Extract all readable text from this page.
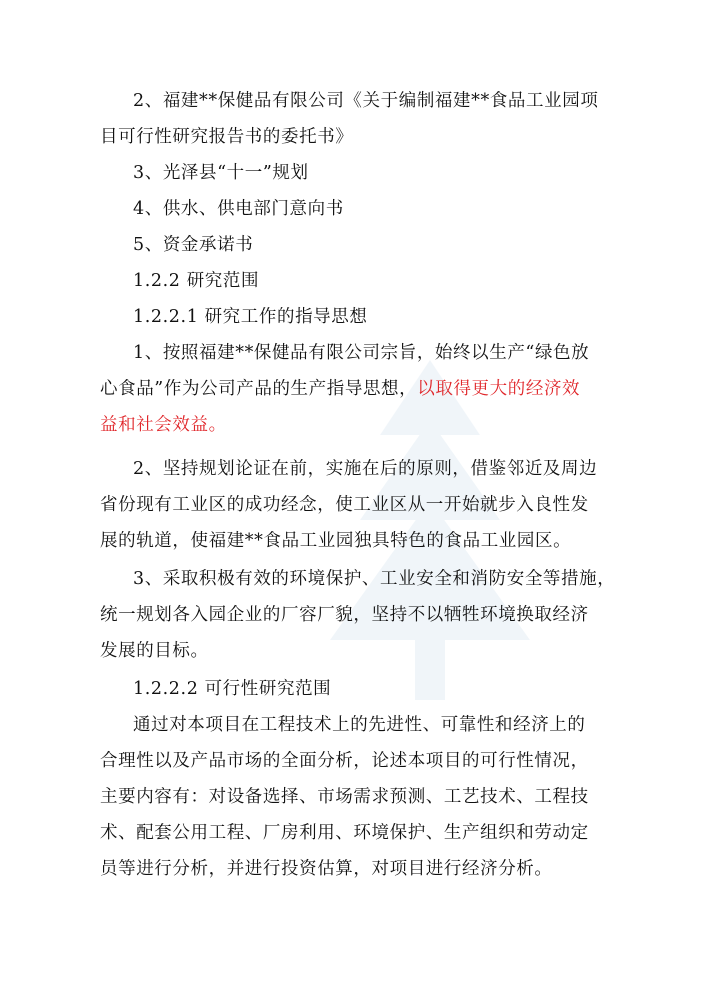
2、福建**保健品有限公司《关于编制福建**食品工业园项
目可行性研究报告书的委托书》
3、光泽县“十一”规划
4、供水、供电部门意向书
5、资金承诺书
1.2.2 研究范围
1.2.2.1 研究工作的指导思想
1、按照福建**保健品有限公司宗旨，始终以生产“绿色放
心食品”作为公司产品的生产指导思想，以取得更大的经济效
益和社会效益。
2、坚持规划论证在前，实施在后的原则，借鉴邻近及周边
省份现有工业区的成功经念，使工业区从一开始就步入良性发
展的轨道，使福建**食品工业园独具特色的食品工业园区。
3、采取积极有效的环境保护、工业安全和消防安全等措施，
统一规划各入园企业的厂容厂貌，坚持不以牺牲环境换取经济
发展的目标。
1.2.2.2 可行性研究范围
通过对本项目在工程技术上的先进性、可靠性和经济上的
合理性以及产品市场的全面分析，论述本项目的可行性情况，
主要内容有：对设备选择、市场需求预测、工艺技术、工程技
术、配套公用工程、厂房利用、环境保护、生产组织和劳动定
员等进行分析，并进行投资估算，对项目进行经济分析。
